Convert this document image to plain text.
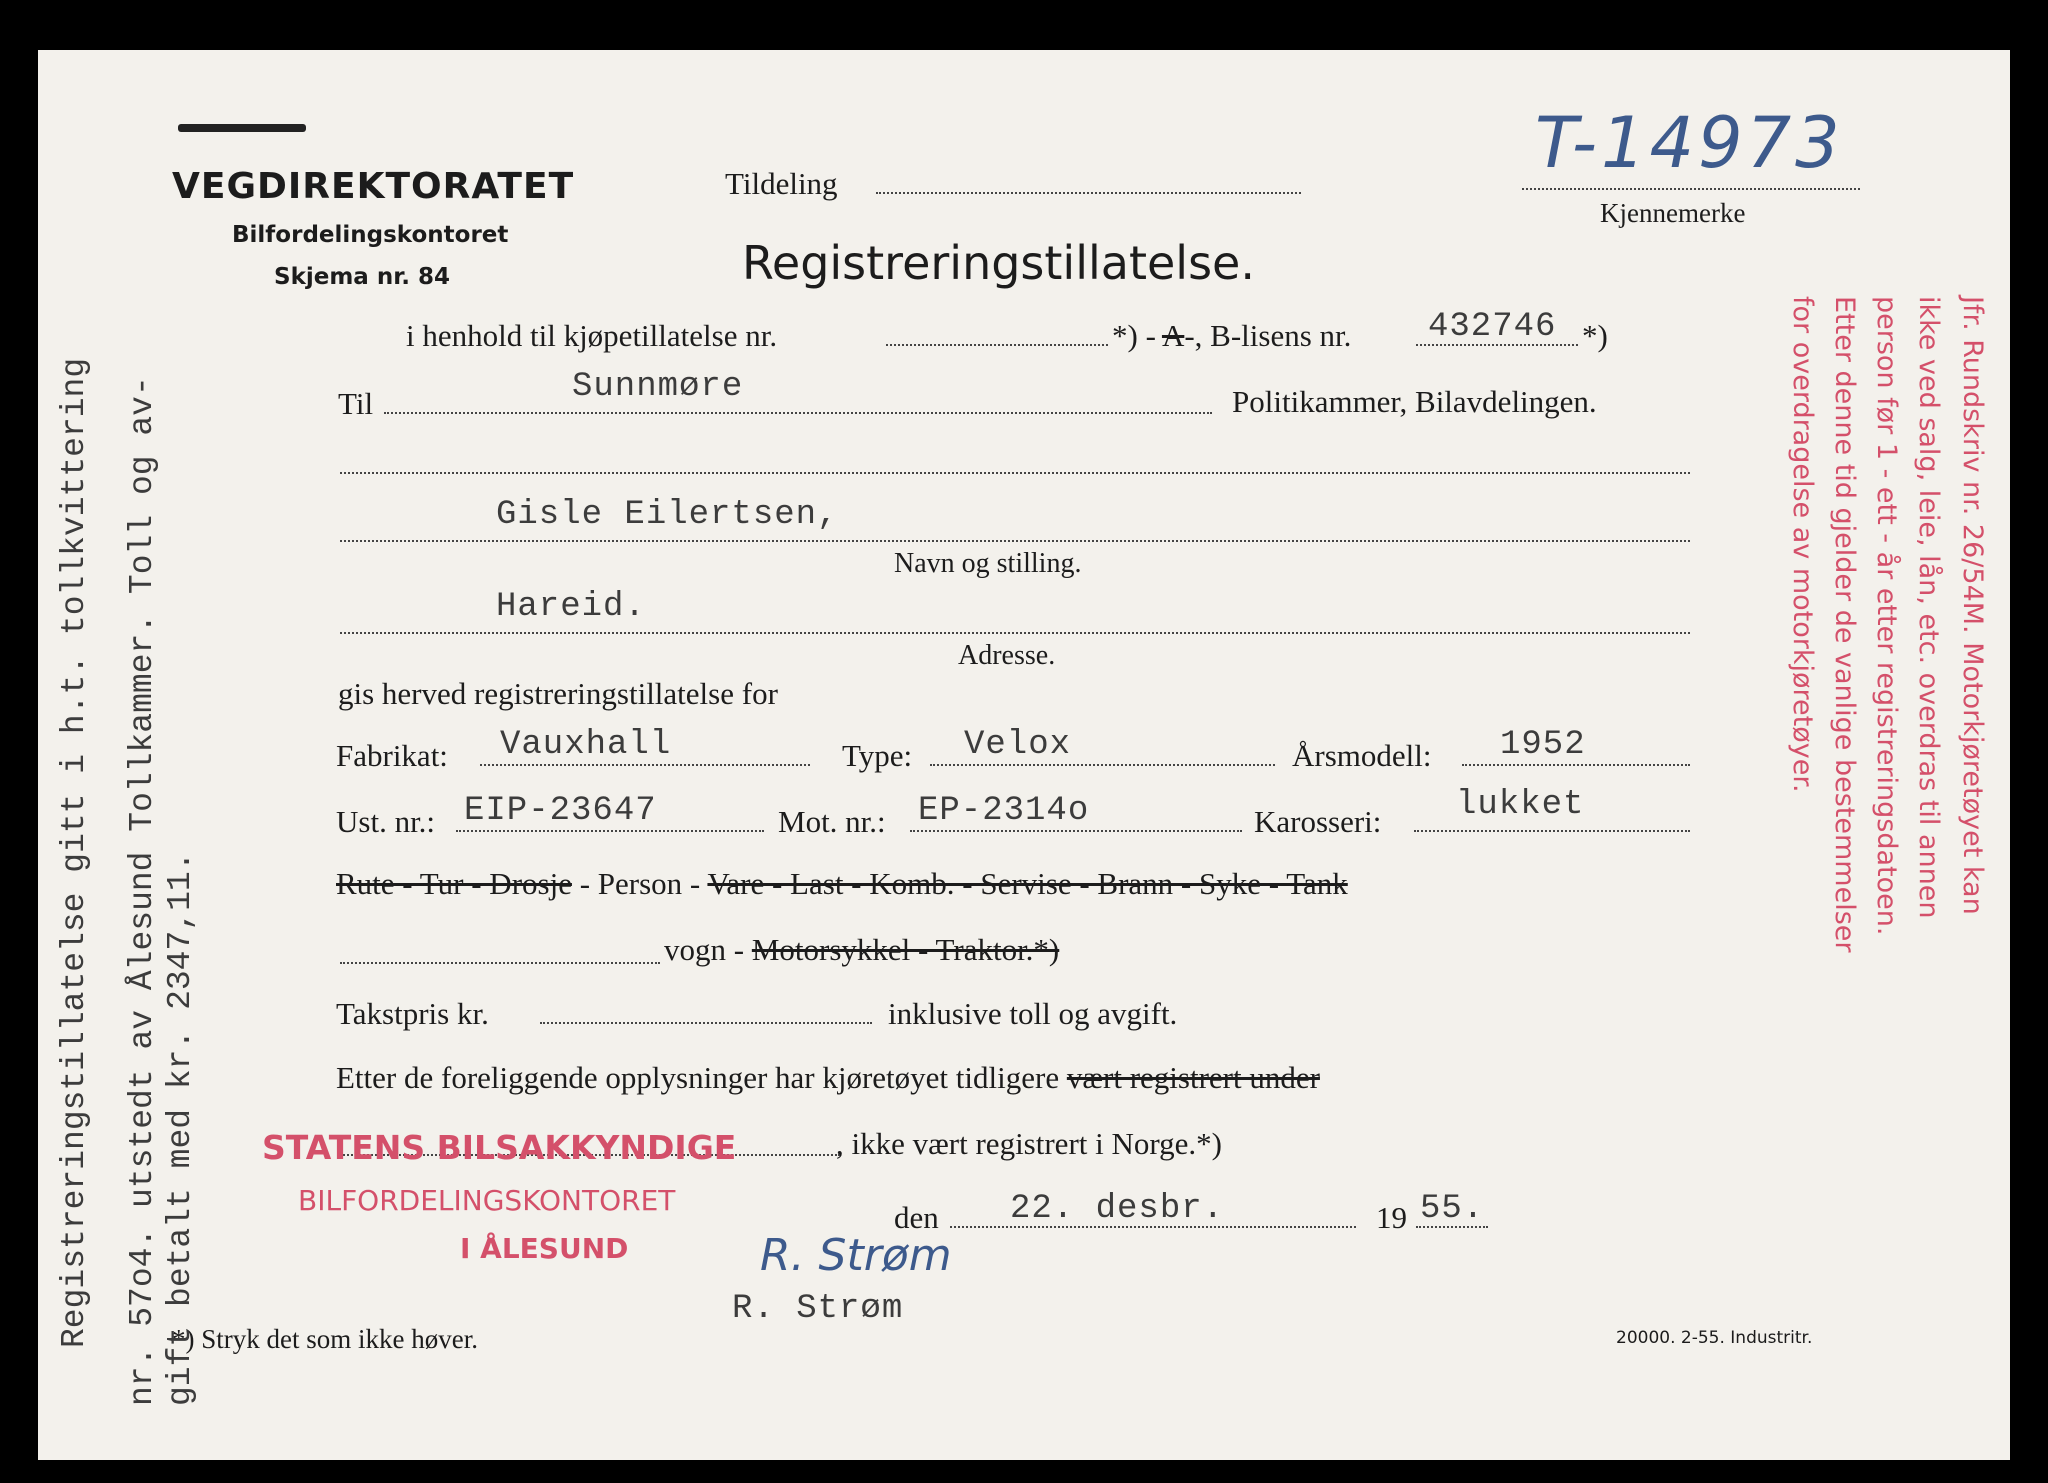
VEGDIREKTORATET
Bilfordelingskontoret
Skjema nr. 84
Tildeling	T-14973
Kjennemerke
Registreringstillatelse.
i henhold til kjøpetillatelse nr.	*) - A-, B-lisens nr. 432746 *)
Til	Sunnmøre	Politikammer, Bilavdelingen.
Gisle Eilertsen,
Navn og stilling.
Hareid.
Adresse.
gis herved registreringstillatelse for
Fabrikat: Vauxhall	Type: Velox	Årsmodell: 1952
Ust. nr.: EIP-23647	Mot. nr.: EP-2314o	Karosseri: lukket
Rute - Tur - Drosje - Person - Vare - Last - Komb. - Servise - Brann - Syke - Tank
vogn - Motorsykkel - Traktor.*)
Takstpris kr.	inklusive toll og avgift.
Etter de foreliggende opplysninger har kjøretøyet tidligere vært registrert under
, ikke vært registrert i Norge.*)
STATENS BILSAKKYNDIGE
BILFORDELINGSKONTORET
I ÅLESUND
den 22. desbr.	19 55.
R. Strøm
R. Strøm
*) Stryk det som ikke høver.	20000. 2-55. Industritr.
Registreringstillatelse gitt i h.t. tollkvittering nr. 57o4. utstedt av Ålesund Tollkammer. Toll og av- gift betalt med kr. 2347,11.
Jfr. Rundskriv nr. 26/54M. Motorkjøretøyet kan
ikke ved salg, leie, lån, etc. overdras til annen
person før 1 - ett - år etter registreringsdatoen.
Etter denne tid gjelder de vanlige bestemmelser
for overdragelse av motorkjøretøyer.
